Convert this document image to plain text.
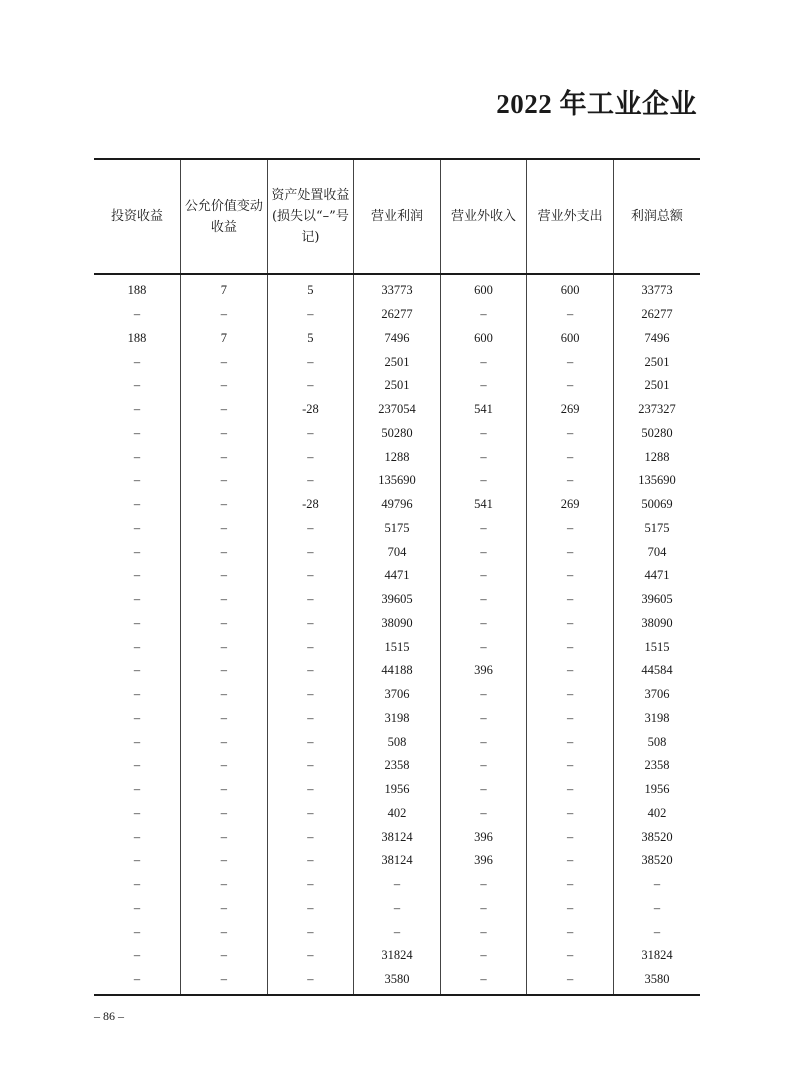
2022 年工业企业
投资收益	公允价值变动收益	资产处置收益(损失以“–”号记)	营业利润	营业外收入	营业外支出	利润总额
188	7	5	33773	600	600	33773
–	–	–	26277	–	–	26277
188	7	5	7496	600	600	7496
–	–	–	2501	–	–	2501
–	–	–	2501	–	–	2501
–	–	-28	237054	541	269	237327
–	–	–	50280	–	–	50280
–	–	–	1288	–	–	1288
–	–	–	135690	–	–	135690
–	–	-28	49796	541	269	50069
–	–	–	5175	–	–	5175
–	–	–	704	–	–	704
–	–	–	4471	–	–	4471
–	–	–	39605	–	–	39605
–	–	–	38090	–	–	38090
–	–	–	1515	–	–	1515
–	–	–	44188	396	–	44584
–	–	–	3706	–	–	3706
–	–	–	3198	–	–	3198
–	–	–	508	–	–	508
–	–	–	2358	–	–	2358
–	–	–	1956	–	–	1956
–	–	–	402	–	–	402
–	–	–	38124	396	–	38520
–	–	–	38124	396	–	38520
–	–	–	–	–	–	–
–	–	–	–	–	–	–
–	–	–	–	–	–	–
–	–	–	31824	–	–	31824
–	–	–	3580	–	–	3580
– 86 –
